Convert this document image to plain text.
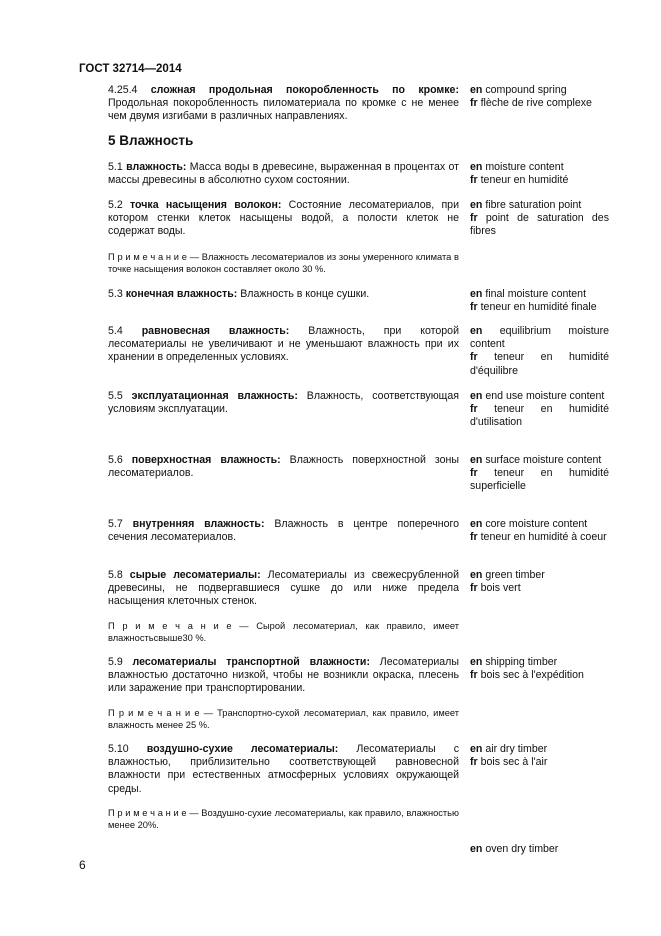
ГОСТ 32714—2014
4.25.4 сложная продольная покоробленность по кромке: Продольная покоробленность пиломатериала по кромке с не менее чем двумя изгибами в различных направлениях.
en compound spring
fr flèche de rive complexe
5 Влажность
5.1 влажность: Масса воды в древесине, выраженная в процентах от массы древесины в абсолютно сухом состоянии.
en moisture content
fr teneur en humidité
5.2 точка насыщения волокон: Состояние лесоматериалов, при котором стенки клеток насыщены водой, а полости клеток не содержат воды.
en fibre saturation point
fr point de saturation des fibres
П р и м е ч а н и е — Влажность лесоматериалов из зоны умеренного климата в точке насыщения волокон составляет около 30 %.
5.3 конечная влажность: Влажность в конце сушки.	en final moisture content
fr teneur en humidité finale
5.4 равновесная влажность: Влажность, при которой лесоматериалы не увеличивают и не уменьшают влажность при их хранении в определенных условиях.
en equilibrium moisture content
fr teneur en humidité d'équilibre
5.5 эксплуатационная влажность: Влажность, соответствующая условиям эксплуатации.
en end use moisture content
fr teneur en humidité d'utilisation
5.6 поверхностная влажность: Влажность поверхностной зоны лесоматериалов.
en surface moisture content
fr teneur en humidité superficielle
5.7 внутренняя влажность: Влажность в центре поперечного сечения лесоматериалов.
en core moisture content
fr teneur en humidité à coeur
5.8 сырые лесоматериалы: Лесоматериалы из свежесрубленной древесины, не подвергавшиеся сушке до или ниже предела насыщения клеточных стенок.
en green timber
fr bois vert
П р и м е ч а н и е — Сырой лесоматериал, как правило, имеет влажностьсвыше30 %.
5.9 лесоматериалы транспортной влажности: Лесоматериалы влажностью достаточно низкой, чтобы не возникли окраска, плесень или заражение при транспортировании.
en shipping timber
fr bois sec à l'expédition
П р и м е ч а н и е — Транспортно-сухой лесоматериал, как правило, имеет влажность менее 25 %.
5.10 воздушно-сухие лесоматериалы: Лесоматериалы с влажностью, приблизительно соответствующей равновесной влажности при естественных атмосферных условиях окружающей среды.
en air dry timber
fr bois sec à l'air
П р и м е ч а н и е — Воздушно-сухие лесоматериалы, как правило, влажностью менее 20%.
en oven dry timber
6
